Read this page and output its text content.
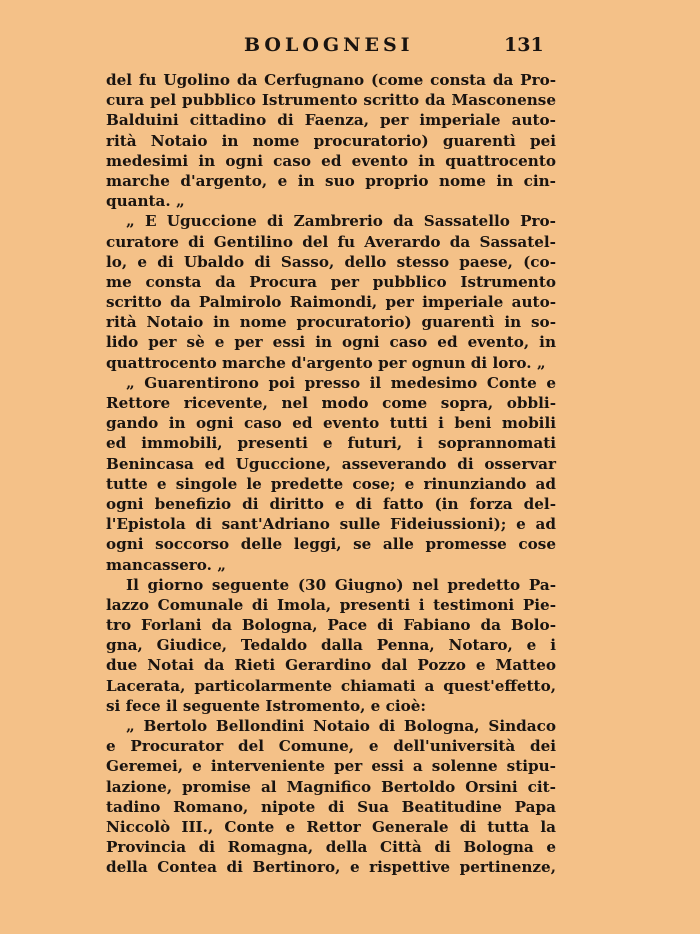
BOLOGNESI	131
del fu Ugolino da Cerfugnano (come consta da Pro-
cura pel pubblico Istrumento scritto da Masconense
Balduini cittadino di Faenza, per imperiale auto-
rità Notaio in nome procuratorio) guarentì pei
medesimi in ogni caso ed evento in quattrocento
marche d'argento, e in suo proprio nome in cin-
quanta. „
„ E Uguccione di Zambrerio da Sassatello Pro-
curatore di Gentilino del fu Averardo da Sassatel-
lo, e di Ubaldo di Sasso, dello stesso paese, (co-
me consta da Procura per pubblico Istrumento
scritto da Palmirolo Raimondi, per imperiale auto-
rità Notaio in nome procuratorio) guarentì in so-
lido per sè e per essi in ogni caso ed evento, in
quattrocento marche d'argento per ognun di loro. „
„ Guarentirono poi presso il medesimo Conte e
Rettore ricevente, nel modo come sopra, obbli-
gando in ogni caso ed evento tutti i beni mobili
ed immobili, presenti e futuri, i soprannomati
Benincasa ed Uguccione, asseverando di osservar
tutte e singole le predette cose; e rinunziando ad
ogni benefizio di diritto e di fatto (in forza del-
l'Epistola di sant'Adriano sulle Fideiussioni); e ad
ogni soccorso delle leggi, se alle promesse cose
mancassero. „
Il giorno seguente (30 Giugno) nel predetto Pa-
lazzo Comunale di Imola, presenti i testimoni Pie-
tro Forlani da Bologna, Pace di Fabiano da Bolo-
gna, Giudice, Tedaldo dalla Penna, Notaro, e i
due Notai da Rieti Gerardino dal Pozzo e Matteo
Lacerata, particolarmente chiamati a quest'effetto,
si fece il seguente Istromento, e cioè:
„ Bertolo Bellondini Notaio di Bologna, Sindaco
e Procurator del Comune, e dell'università dei
Geremei, e interveniente per essi a solenne stipu-
lazione, promise al Magnifico Bertoldo Orsini cit-
tadino Romano, nipote di Sua Beatitudine Papa
Niccolò III., Conte e Rettor Generale di tutta la
Provincia di Romagna, della Città di Bologna e
della Contea di Bertinoro, e rispettive pertinenze,
